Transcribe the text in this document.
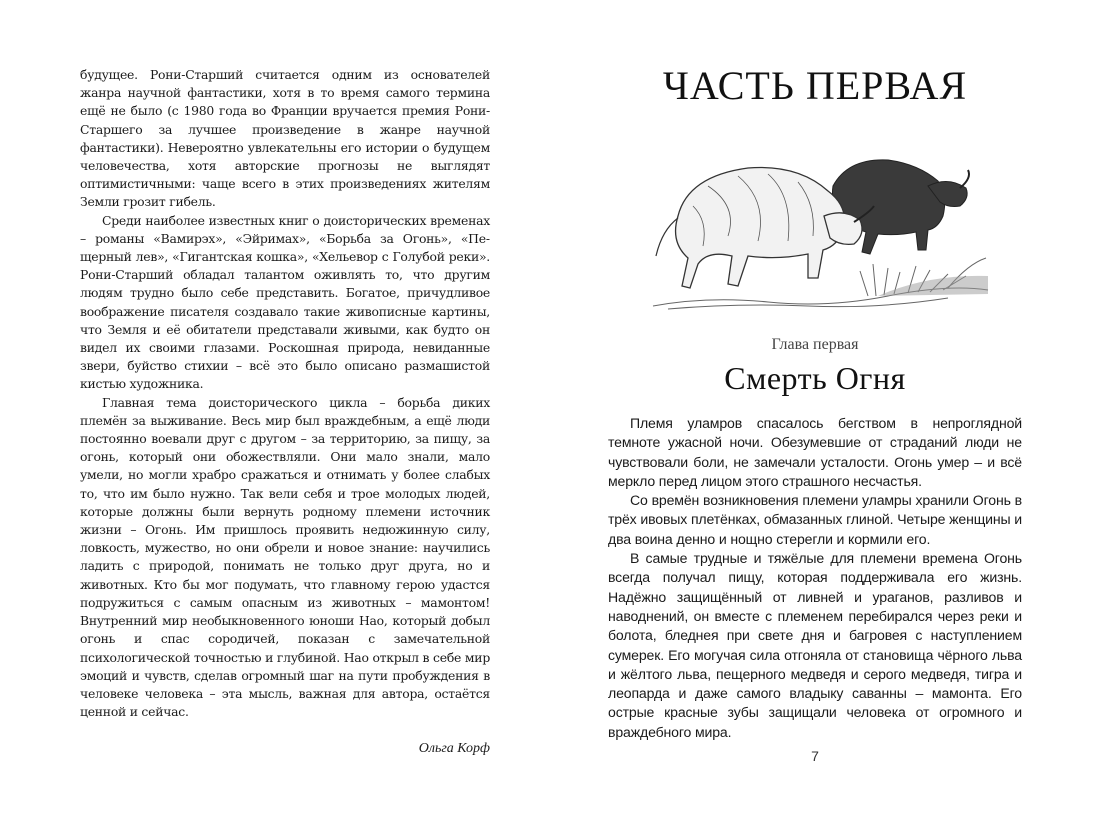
будущее. Рони-Старший считается одним из основателей жанра научной фантастики, хотя в то время самого термина ещё не было (с 1980 года во Франции вручается премия Рони-Старшего за лучшее произведение в жанре научной фантастики). Невероятно увлекательны его истории о будущем человечества, хотя авторские прогнозы не выглядят оптимистичными: чаще всего в этих произведениях жителям Земли грозит гибель.

Среди наиболее известных книг о доисторических временах – романы «Вамирэх», «Эйримах», «Борьба за Огонь», «Пещерный лев», «Гигантская кошка», «Хельевор с Голубой реки». Рони-Старший обладал талантом оживлять то, что другим людям трудно было себе представить. Богатое, причудливое воображение писателя создавало такие живописные картины, что Земля и её обитатели представали живыми, как будто он видел их своими глазами. Роскошная природа, невиданные звери, буйство стихии – всё это было описано размашистой кистью художника.

Главная тема доисторического цикла – борьба диких племён за выживание. Весь мир был враждебным, а ещё люди постоянно воевали друг с другом – за территорию, за пищу, за огонь, который они обожествляли. Они мало знали, мало умели, но могли храбро сражаться и отнимать у более слабых то, что им было нужно. Так вели себя и трое молодых людей, которые должны были вернуть родному племени источник жизни – Огонь. Им пришлось проявить недюжинную силу, ловкость, мужество, но они обрели и новое знание: научились ладить с природой, понимать не только друг друга, но и животных. Кто бы мог подумать, что главному герою удастся подружиться с самым опасным из животных – мамонтом! Внутренний мир необыкновенного юноши Нао, который добыл огонь и спас сородичей, показан с замечательной психологической точностью и глубиной. Нао открыл в себе мир эмоций и чувств, сделав огромный шаг на пути пробуждения в человеке человека – эта мысль, важная для автора, остаётся ценной и сейчас.

Ольга Корф
ЧАСТЬ ПЕРВАЯ
Глава первая
Смерть Огня

Племя уламров спасалось бегством в непроглядной темноте ужасной ночи. Обезумевшие от страданий люди не чувствовали боли, не замечали усталости. Огонь умер – и всё меркло перед лицом этого страшного несчастья.

Со времён возникновения племени уламры хранили Огонь в трёх ивовых плетёнках, обмазанных глиной. Четыре женщины и два воина денно и нощно стерегли и кормили его.

В самые трудные и тяжёлые для племени времена Огонь всегда получал пищу, которая поддерживала его жизнь. Надёжно защищённый от ливней и ураганов, разливов и наводнений, он вместе с племенем перебирался через реки и болота, бледнея при свете дня и багровея с наступлением сумерек. Его могучая сила отгоняла от становища чёрного льва и жёлтого льва, пещерного медведя и серого медведя, тигра и леопарда и даже самого владыку саванны – мамонта. Его острые красные зубы защищали человека от огромного и враждебного мира.

7
